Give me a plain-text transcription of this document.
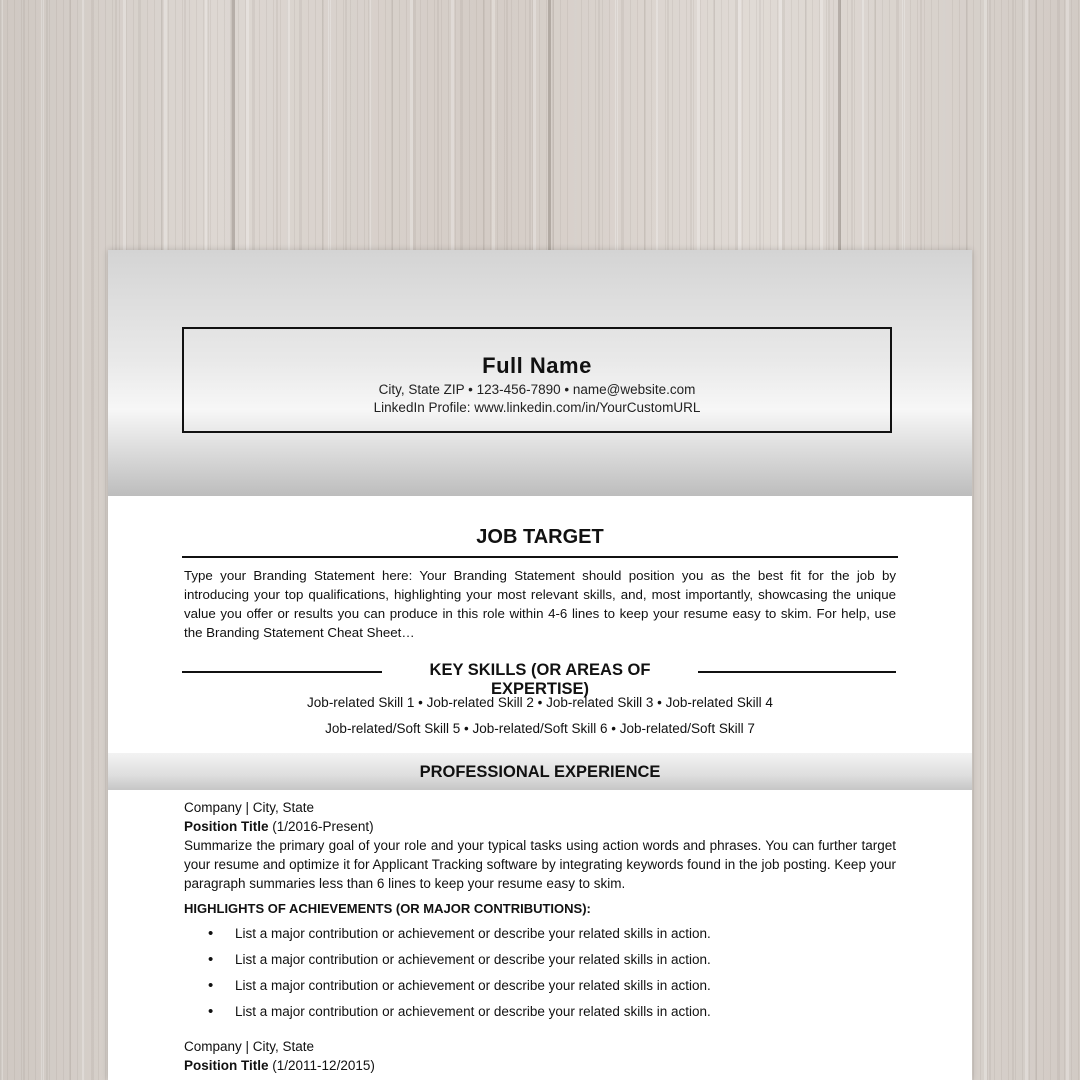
Full Name
City, State ZIP • 123-456-7890 • name@website.com
LinkedIn Profile: www.linkedin.com/in/YourCustomURL
JOB TARGET
Type your Branding Statement here: Your Branding Statement should position you as the best fit for the job by introducing your top qualifications, highlighting your most relevant skills, and, most importantly, showcasing the unique value you offer or results you can produce in this role within 4-6 lines to keep your resume easy to skim. For help, use the Branding Statement Cheat Sheet…
KEY SKILLS (OR AREAS OF EXPERTISE)
Job-related Skill 1 • Job-related Skill 2 • Job-related Skill 3 • Job-related Skill 4
Job-related/Soft Skill 5 • Job-related/Soft Skill 6 • Job-related/Soft Skill 7
PROFESSIONAL EXPERIENCE
Company | City, State
Position Title (1/2016-Present)
Summarize the primary goal of your role and your typical tasks using action words and phrases. You can further target your resume and optimize it for Applicant Tracking software by integrating keywords found in the job posting. Keep your paragraph summaries less than 6 lines to keep your resume easy to skim.
HIGHLIGHTS OF ACHIEVEMENTS (OR MAJOR CONTRIBUTIONS):
• List a major contribution or achievement or describe your related skills in action.
• List a major contribution or achievement or describe your related skills in action.
• List a major contribution or achievement or describe your related skills in action.
• List a major contribution or achievement or describe your related skills in action.
Company | City, State
Position Title (1/2011-12/2015)
